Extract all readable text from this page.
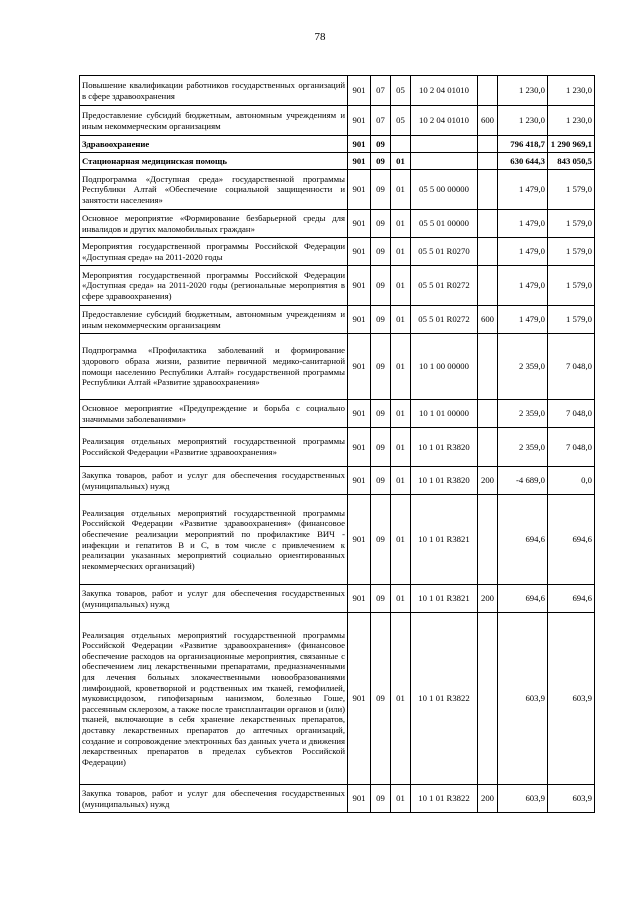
78
Повышение квалификации работников государственных организаций в сфере здравоохранения	901	07	05	10 2 04 01010		1 230,0	1 230,0
Предоставление субсидий бюджетным, автономным учреждениям и иным некоммерческим организациям	901	07	05	10 2 04 01010	600	1 230,0	1 230,0
Здравоохранение	901	09				796 418,7	1 290 969,1
Стационарная медицинская помощь	901	09	01			630 644,3	843 050,5
Подпрограмма «Доступная среда» государственной программы Республики Алтай «Обеспечение социальной защищенности и занятости населения»	901	09	01	05 5 00 00000		1 479,0	1 579,0
Основное мероприятие «Формирование безбарьерной среды для инвалидов и других маломобильных граждан»	901	09	01	05 5 01 00000		1 479,0	1 579,0
Мероприятия государственной программы Российской Федерации «Доступная среда» на 2011-2020 годы	901	09	01	05 5 01 R0270		1 479,0	1 579,0
Мероприятия государственной программы Российской Федерации «Доступная среда» на 2011-2020 годы (региональные мероприятия в сфере здравоохранения)	901	09	01	05 5 01 R0272		1 479,0	1 579,0
Предоставление субсидий бюджетным, автономным учреждениям и иным некоммерческим организациям	901	09	01	05 5 01 R0272	600	1 479,0	1 579,0
Подпрограмма «Профилактика заболеваний и формирование здорового образа жизни, развитие первичной медико-санитарной помощи населению Республики Алтай» государственной программы Республики Алтай «Развитие здравоохранения»	901	09	01	10 1 00 00000		2 359,0	7 048,0
Основное мероприятие «Предупреждение и борьба с социально значимыми заболеваниями»	901	09	01	10 1 01 00000		2 359,0	7 048,0
Реализация отдельных мероприятий государственной программы Российской Федерации «Развитие здравоохранения»	901	09	01	10 1 01 R3820		2 359,0	7 048,0
Закупка товаров, работ и услуг для обеспечения государственных (муниципальных) нужд	901	09	01	10 1 01 R3820	200	-4 689,0	0,0
Реализация отдельных мероприятий государственной программы Российской Федерации «Развитие здравоохранения» (финансовое обеспечение реализации мероприятий по профилактике ВИЧ - инфекции и гепатитов B и C, в том числе с привлечением к реализации указанных мероприятий социально ориентированных некоммерческих организаций)	901	09	01	10 1 01 R3821		694,6	694,6
Закупка товаров, работ и услуг для обеспечения государственных (муниципальных) нужд	901	09	01	10 1 01 R3821	200	694,6	694,6
Реализация отдельных мероприятий государственной программы Российской Федерации «Развитие здравоохранения» (финансовое обеспечение расходов на организационные мероприятия, связанные с обеспечением лиц лекарственными препаратами, предназначенными для лечения больных злокачественными новообразованиями лимфоидной, кроветворной и родственных им тканей, гемофилией, муковисцидозом, гипофизарным нанизмом, болезнью Гоше, рассеянным склерозом, а также после трансплантации органов и (или) тканей, включающие в себя хранение лекарственных препаратов, доставку лекарственных препаратов до аптечных организаций, создание и сопровождение электронных баз данных учета и движения лекарственных препаратов в пределах субъектов Российской Федерации)	901	09	01	10 1 01 R3822		603,9	603,9
Закупка товаров, работ и услуг для обеспечения государственных (муниципальных) нужд	901	09	01	10 1 01 R3822	200	603,9	603,9
